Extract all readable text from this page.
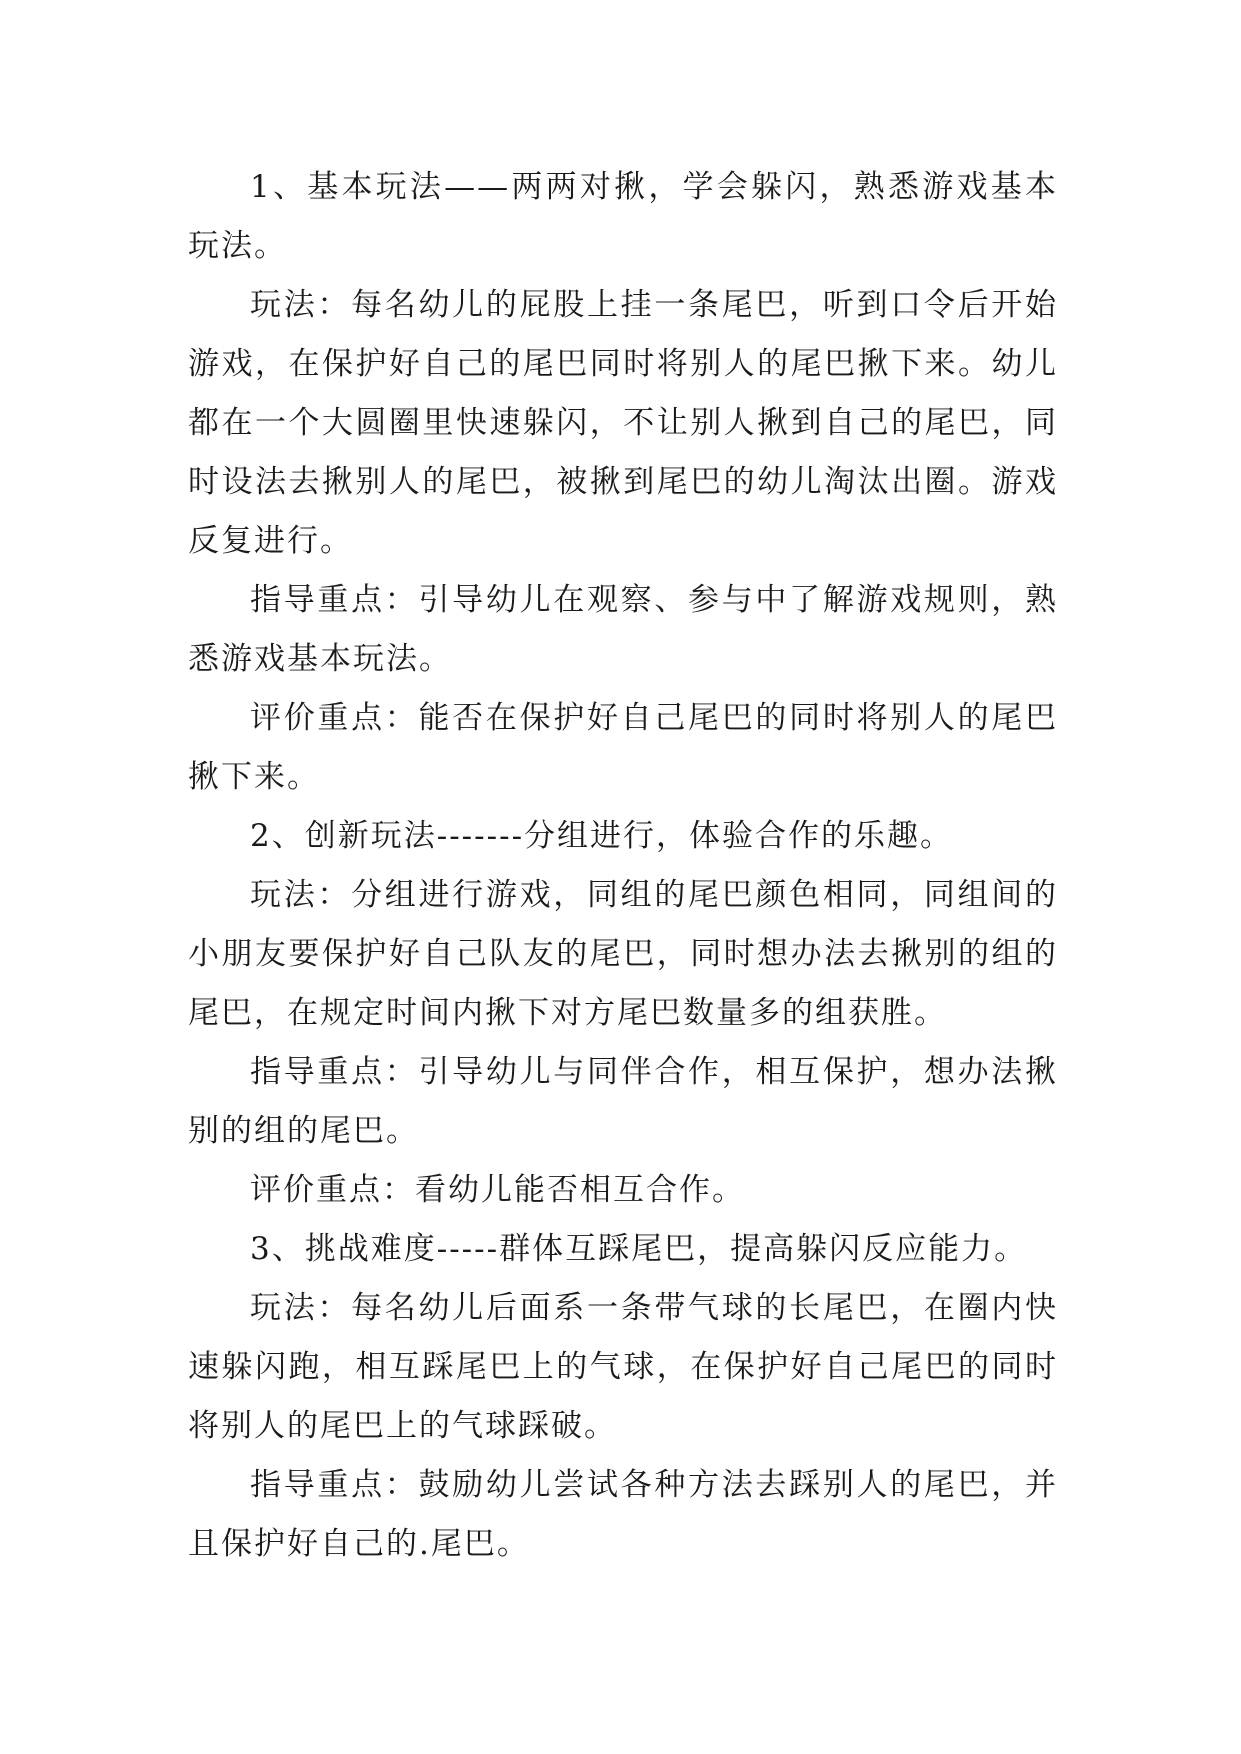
1、基本玩法——两两对揪，学会躲闪，熟悉游戏基本玩法。

玩法：每名幼儿的屁股上挂一条尾巴，听到口令后开始游戏，在保护好自己的尾巴同时将别人的尾巴揪下来。幼儿都在一个大圆圈里快速躲闪，不让别人揪到自己的尾巴，同时设法去揪别人的尾巴，被揪到尾巴的幼儿淘汰出圈。游戏反复进行。

指导重点：引导幼儿在观察、参与中了解游戏规则，熟悉游戏基本玩法。

评价重点：能否在保护好自己尾巴的同时将别人的尾巴揪下来。

2、创新玩法-------分组进行，体验合作的乐趣。

玩法：分组进行游戏，同组的尾巴颜色相同，同组间的小朋友要保护好自己队友的尾巴，同时想办法去揪别的组的尾巴，在规定时间内揪下对方尾巴数量多的组获胜。

指导重点：引导幼儿与同伴合作，相互保护，想办法揪别的组的尾巴。

评价重点：看幼儿能否相互合作。

3、挑战难度-----群体互踩尾巴，提高躲闪反应能力。

玩法：每名幼儿后面系一条带气球的长尾巴，在圈内快速躲闪跑，相互踩尾巴上的气球，在保护好自己尾巴的同时将别人的尾巴上的气球踩破。

指导重点：鼓励幼儿尝试各种方法去踩别人的尾巴，并且保护好自己的.尾巴。
